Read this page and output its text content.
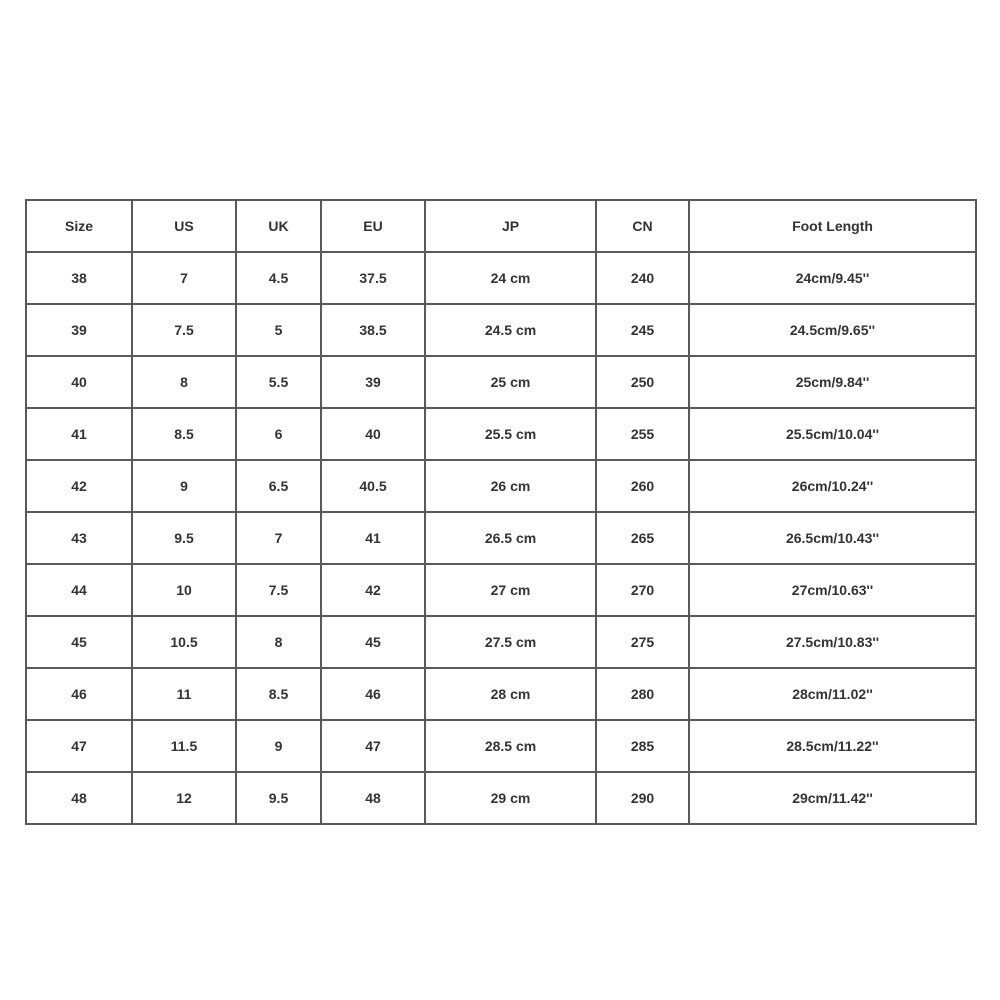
Size	US	UK	EU	JP	CN	Foot Length
38	7	4.5	37.5	24 cm	240	24cm/9.45''
39	7.5	5	38.5	24.5 cm	245	24.5cm/9.65''
40	8	5.5	39	25 cm	250	25cm/9.84''
41	8.5	6	40	25.5 cm	255	25.5cm/10.04''
42	9	6.5	40.5	26 cm	260	26cm/10.24''
43	9.5	7	41	26.5 cm	265	26.5cm/10.43''
44	10	7.5	42	27 cm	270	27cm/10.63''
45	10.5	8	45	27.5 cm	275	27.5cm/10.83''
46	11	8.5	46	28 cm	280	28cm/11.02''
47	11.5	9	47	28.5 cm	285	28.5cm/11.22''
48	12	9.5	48	29 cm	290	29cm/11.42''
